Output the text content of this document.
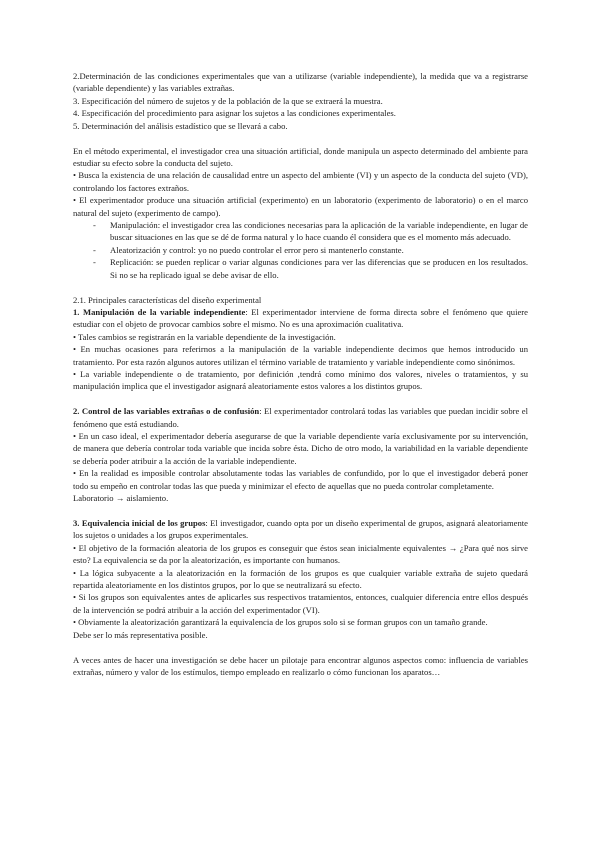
2.Determinación de las condiciones experimentales que van a utilizarse (variable independiente), la medida que va a registrarse (variable dependiente) y las variables extrañas.

3. Especificación del número de sujetos y de la población de la que se extraerá la muestra.

4. Especificación del procedimiento para asignar los sujetos a las condiciones experimentales.

5. Determinación del análisis estadístico que se llevará a cabo.

En el método experimental, el investigador crea una situación artificial, donde manipula un aspecto determinado del ambiente para estudiar su efecto sobre la conducta del sujeto.

• Busca la existencia de una relación de causalidad entre un aspecto del ambiente (VI) y un aspecto de la conducta del sujeto (VD), controlando los factores extraños.

• El experimentador produce una situación artificial (experimento) en un laboratorio (experimento de laboratorio) o en el marco natural del sujeto (experimento de campo).

- Manipulación: el investigador crea las condiciones necesarias para la aplicación de la variable independiente, en lugar de buscar situaciones en las que se dé de forma natural y lo hace cuando él considera que es el momento más adecuado.
- Aleatorización y control: yo no puedo controlar el error pero si mantenerlo constante.
- Replicación: se pueden replicar o variar algunas condiciones para ver las diferencias que se producen en los resultados. Si no se ha replicado igual se debe avisar de ello.

2.1. Principales características del diseño experimental

1. Manipulación de la variable independiente: El experimentador interviene de forma directa sobre el fenómeno que quiere estudiar con el objeto de provocar cambios sobre el mismo. No es una aproximación cualitativa.

• Tales cambios se registrarán en la variable dependiente de la investigación.

• En muchas ocasiones para referirnos a la manipulación de la variable independiente decimos que hemos introducido un tratamiento. Por esta razón algunos autores utilizan el término variable de tratamiento y variable independiente como sinónimos.

• La variable independiente o de tratamiento, por definición ,tendrá como mínimo dos valores, niveles o tratamientos, y su manipulación implica que el investigador asignará aleatoriamente estos valores a los distintos grupos.

2. Control de las variables extrañas o de confusión: El experimentador controlará todas las variables que puedan incidir sobre el fenómeno que está estudiando.

• En un caso ideal, el experimentador debería asegurarse de que la variable dependiente varía exclusivamente por su intervención, de manera que debería controlar toda variable que incida sobre ésta. Dicho de otro modo, la variabilidad en la variable dependiente se debería poder atribuir a la acción de la variable independiente.

• En la realidad es imposible controlar absolutamente todas las variables de confundido, por lo que el investigador deberá poner todo su empeño en controlar todas las que pueda y minimizar el efecto de aquellas que no pueda controlar completamente.

Laboratorio → aislamiento.

3. Equivalencia inicial de los grupos: El investigador, cuando opta por un diseño experimental de grupos, asignará aleatoriamente los sujetos o unidades a los grupos experimentales.

• El objetivo de la formación aleatoria de los grupos es conseguir que éstos sean inicialmente equivalentes → ¿Para qué nos sirve esto? La equivalencia se da por la aleatorización, es importante con humanos.

• La lógica subyacente a la aleatorización en la formación de los grupos es que cualquier variable extraña de sujeto quedará repartida aleatoriamente en los distintos grupos, por lo que se neutralizará su efecto.

• Si los grupos son equivalentes antes de aplicarles sus respectivos tratamientos, entonces, cualquier diferencia entre ellos después de la intervención se podrá atribuir a la acción del experimentador (VI).

• Obviamente la aleatorización garantizará la equivalencia de los grupos solo si se forman grupos con un tamaño grande.

Debe ser lo más representativa posible.

A veces antes de hacer una investigación se debe hacer un pilotaje para encontrar algunos aspectos como: influencia de variables extrañas, número y valor de los estímulos, tiempo empleado en realizarlo o cómo funcionan los aparatos…
